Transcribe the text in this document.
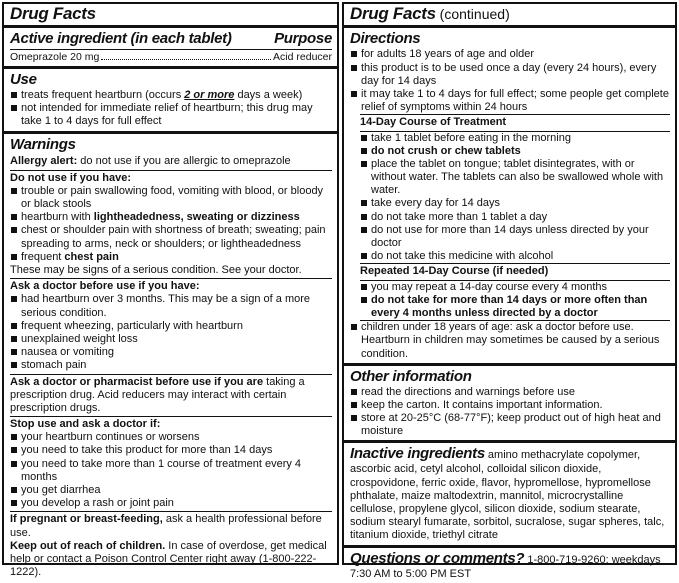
Drug Facts
Active ingredient (in each tablet)	Purpose
Omeprazole 20 mg	Acid reducer
Use
treats frequent heartburn (occurs 2 or more days a week)
not intended for immediate relief of heartburn; this drug may take 1 to 4 days for full effect
Warnings
Allergy alert: do not use if you are allergic to omeprazole
Do not use if you have:
trouble or pain swallowing food, vomiting with blood, or bloody or black stools
heartburn with lightheadedness, sweating or dizziness
chest or shoulder pain with shortness of breath; sweating; pain spreading to arms, neck or shoulders; or lightheadedness
frequent chest pain
These may be signs of a serious condition. See your doctor.
Ask a doctor before use if you have:
had heartburn over 3 months. This may be a sign of a more serious condition.
frequent wheezing, particularly with heartburn
unexplained weight loss
nausea or vomiting
stomach pain
Ask a doctor or pharmacist before use if you are taking a prescription drug. Acid reducers may interact with certain prescription drugs.
Stop use and ask a doctor if:
your heartburn continues or worsens
you need to take this product for more than 14 days
you need to take more than 1 course of treatment every 4 months
you get diarrhea
you develop a rash or joint pain
If pregnant or breast-feeding, ask a health professional before use.
Keep out of reach of children. In case of overdose, get medical help or contact a Poison Control Center right away (1-800-222-1222).
Drug Facts (continued)
Directions
for adults 18 years of age and older
this product is to be used once a day (every 24 hours), every day for 14 days
it may take 1 to 4 days for full effect; some people get complete relief of symptoms within 24 hours
14-Day Course of Treatment
take 1 tablet before eating in the morning
do not crush or chew tablets
place the tablet on tongue; tablet disintegrates, with or without water. The tablets can also be swallowed whole with water.
take every day for 14 days
do not take more than 1 tablet a day
do not use for more than 14 days unless directed by your doctor
do not take this medicine with alcohol
Repeated 14-Day Course (if needed)
you may repeat a 14-day course every 4 months
do not take for more than 14 days or more often than every 4 months unless directed by a doctor
children under 18 years of age: ask a doctor before use. Heartburn in children may sometimes be caused by a serious condition.
Other information
read the directions and warnings before use
keep the carton. It contains important information.
store at 20-25°C (68-77°F); keep product out of high heat and moisture
Inactive ingredients amino methacrylate copolymer, ascorbic acid, cetyl alcohol, colloidal silicon dioxide, crospovidone, ferric oxide, flavor, hypromellose, hypromellose phthalate, maize maltodextrin, mannitol, microcrystalline cellulose, propylene glycol, silicon dioxide, sodium stearate, sodium stearyl fumarate, sorbitol, sucralose, sugar spheres, talc, titanium dioxide, triethyl citrate
Questions or comments? 1-800-719-9260: weekdays 7:30 AM to 5:00 PM EST
